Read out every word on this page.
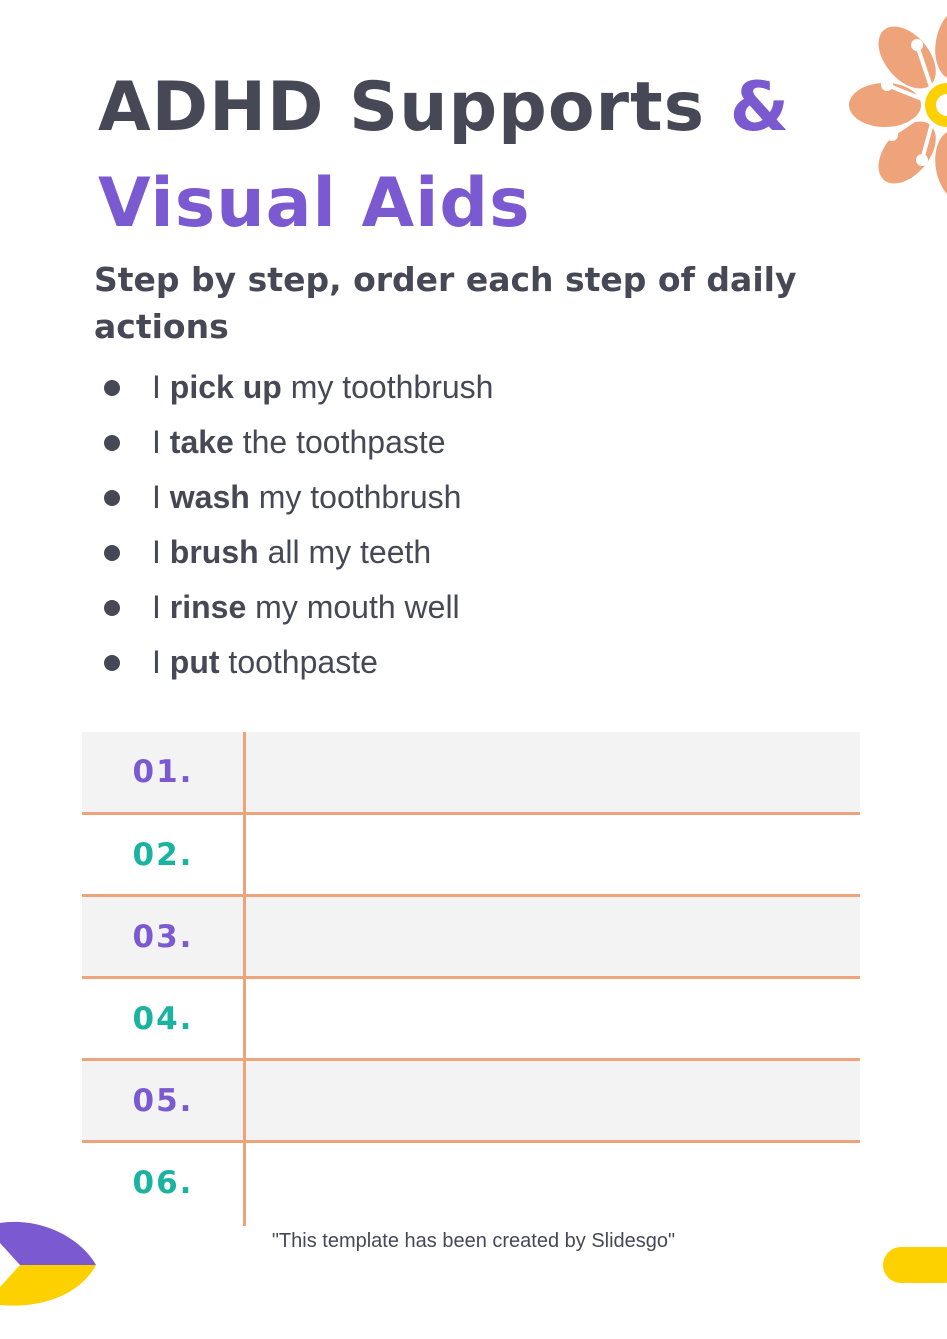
ADHD Supports &
Visual Aids

Step by step, order each step of daily actions

I pick up my toothbrush
I take the toothpaste
I wash my toothbrush
I brush all my teeth
I rinse my mouth well
I put toothpaste
01.
02.
03.
04.
05.
06.
"This template has been created by Slidesgo"
